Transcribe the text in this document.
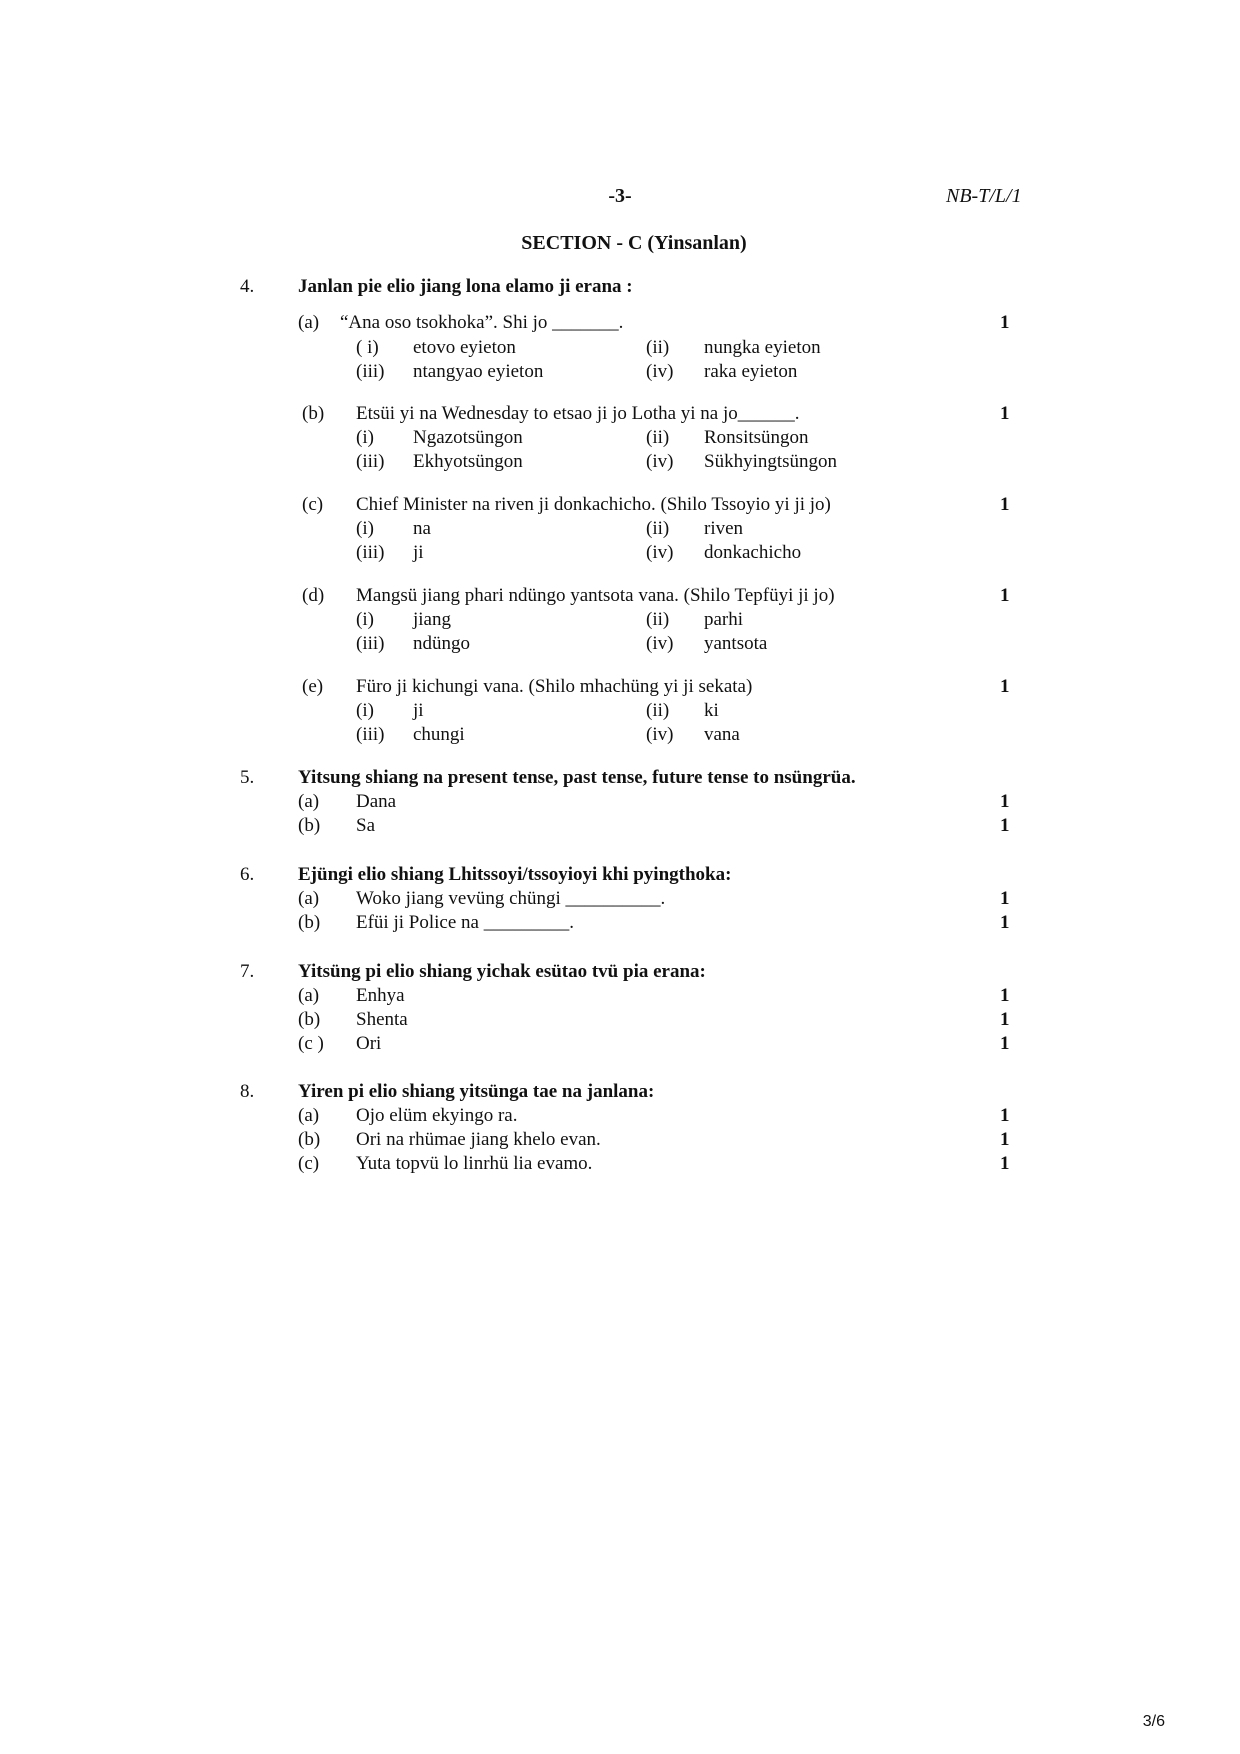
-3-	NB-T/L/1
SECTION - C (Yinsanlan)
4. Janlan pie elio jiang lona elamo ji erana :
(a) “Ana oso tsokhoka”. Shi jo _______.	1
( i) etovo eyieton	(ii) nungka eyieton
(iii) ntangyao eyieton	(iv) raka eyieton
(b) Etsüi yi na Wednesday to etsao ji jo Lotha yi na jo______.	1
(i) Ngazotsüngon	(ii) Ronsitsüngon
(iii) Ekhyotsüngon	(iv) Sükhyingtsüngon
(c) Chief Minister na riven ji donkachicho. (Shilo Tssoyio yi ji jo)	1
(i) na	(ii) riven
(iii) ji	(iv) donkachicho
(d) Mangsü jiang phari ndüngo yantsota vana. (Shilo Tepfüyi ji jo)	1
(i) jiang	(ii) parhi
(iii) ndüngo	(iv) yantsota
(e) Füro ji kichungi vana. (Shilo mhachüng yi ji sekata)	1
(i) ji	(ii) ki
(iii) chungi	(iv) vana
5. Yitsung shiang na present tense, past tense, future tense to nsüngrüa.
(a) Dana	1
(b) Sa	1
6. Ejüngi elio shiang Lhitssoyi/tssoyioyi khi pyingthoka:
(a) Woko jiang vevüng chüngi __________.	1
(b) Efüi ji Police na _________.	1
7. Yitsüng pi elio shiang yichak esütao tvü pia erana:
(a) Enhya	1
(b) Shenta	1
(c ) Ori	1
8. Yiren pi elio shiang yitsünga tae na janlana:
(a) Ojo elüm ekyingo ra.	1
(b) Ori na rhümae jiang khelo evan.	1
(c) Yuta topvü lo linrhü lia evamo.	1
3/6
